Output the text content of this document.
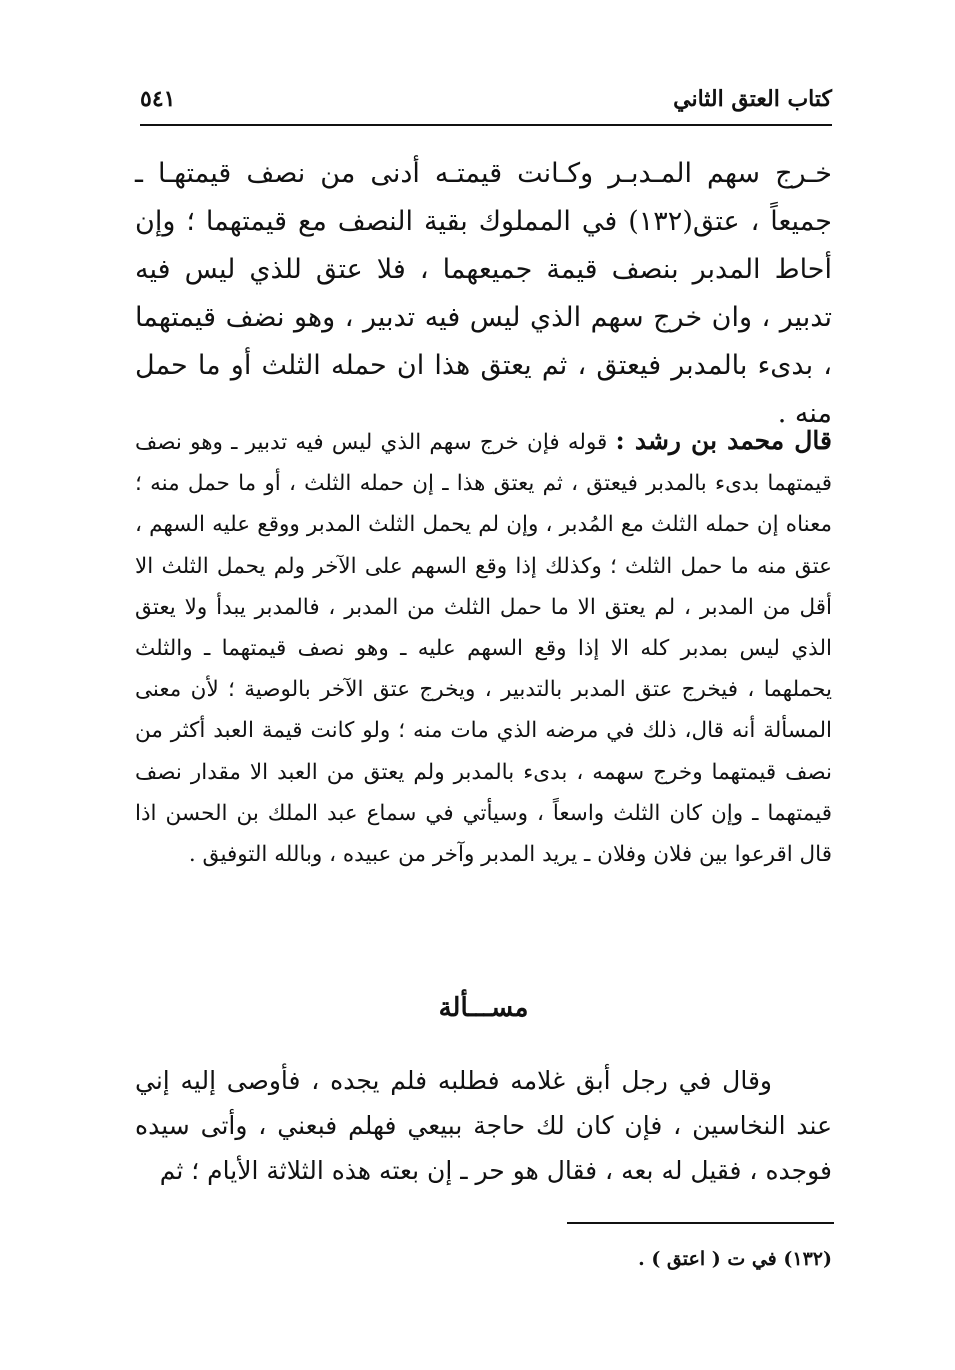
كتاب العتق الثاني
٥٤١

خـرج سهم المـدبـر وكـانت قيمتـه أدنى من نصف قيمتهـا ـ جميعاً ، عتق(١٣٢) في المملوك بقية النصف مع قيمتهما ؛ وإن أحاط المدبر بنصف قيمة جميعهما ، فلا عتق للذي ليس فيه تدبير ، وان خرج سهم الذي ليس فيه تدبير ، وهو نضف قيمتهما ، بدىء بالمدبر فيعتق ، ثم يعتق هذا ان حمله الثلث أو ما حمل منه .

قال محمد بن رشد : قوله فإن خرج سهم الذي ليس فيه تدبير ـ وهو نصف قيمتهما بدىء بالمدبر فيعتق ، ثم يعتق هذا ـ إن حمله الثلث ، أو ما حمل منه ؛ معناه إن حمله الثلث مع المُدبر ، وإن لم يحمل الثلث المدبر ووقع عليه السهم ، عتق منه ما حمل الثلث ؛ وكذلك إذا وقع السهم على الآخر ولم يحمل الثلث الا أقل من المدبر ، لم يعتق الا ما حمل الثلث من المدبر ، فالمدبر يبدأ ولا يعتق الذي ليس بمدبر كله الا إذا وقع السهم عليه ـ وهو نصف قيمتهما ـ والثلث يحملهما ، فيخرج عتق المدبر بالتدبير ، ويخرج عتق الآخر بالوصية ؛ لأن معنى المسألة أنه قال، ذلك في مرضه الذي مات منه ؛ ولو كانت قيمة العبد أكثر من نصف قيمتهما وخرج سهمه ، بدىء بالمدبر ولم يعتق من العبد الا مقدار نصف قيمتهما ـ وإن كان الثلث واسعاً ، وسيأتي في سماع عبد الملك بن الحسن اذا قال اقرعوا بين فلان وفلان ـ يريد المدبر وآخر من عبيده ، وبالله التوفيق .

مســـألة

وقال في رجل أبق غلامه فطلبه فلم يجده ، فأوصى إليه إني عند النخاسين ، فإن كان لك حاجة ببيعي فهلم فبعني ، وأتى سيده فوجده ، فقيل له بعه ، فقال هو حر ـ إن بعته هذه الثلاثة الأيام ؛ ثم

(١٣٢) في ت ( اعتق ) .
